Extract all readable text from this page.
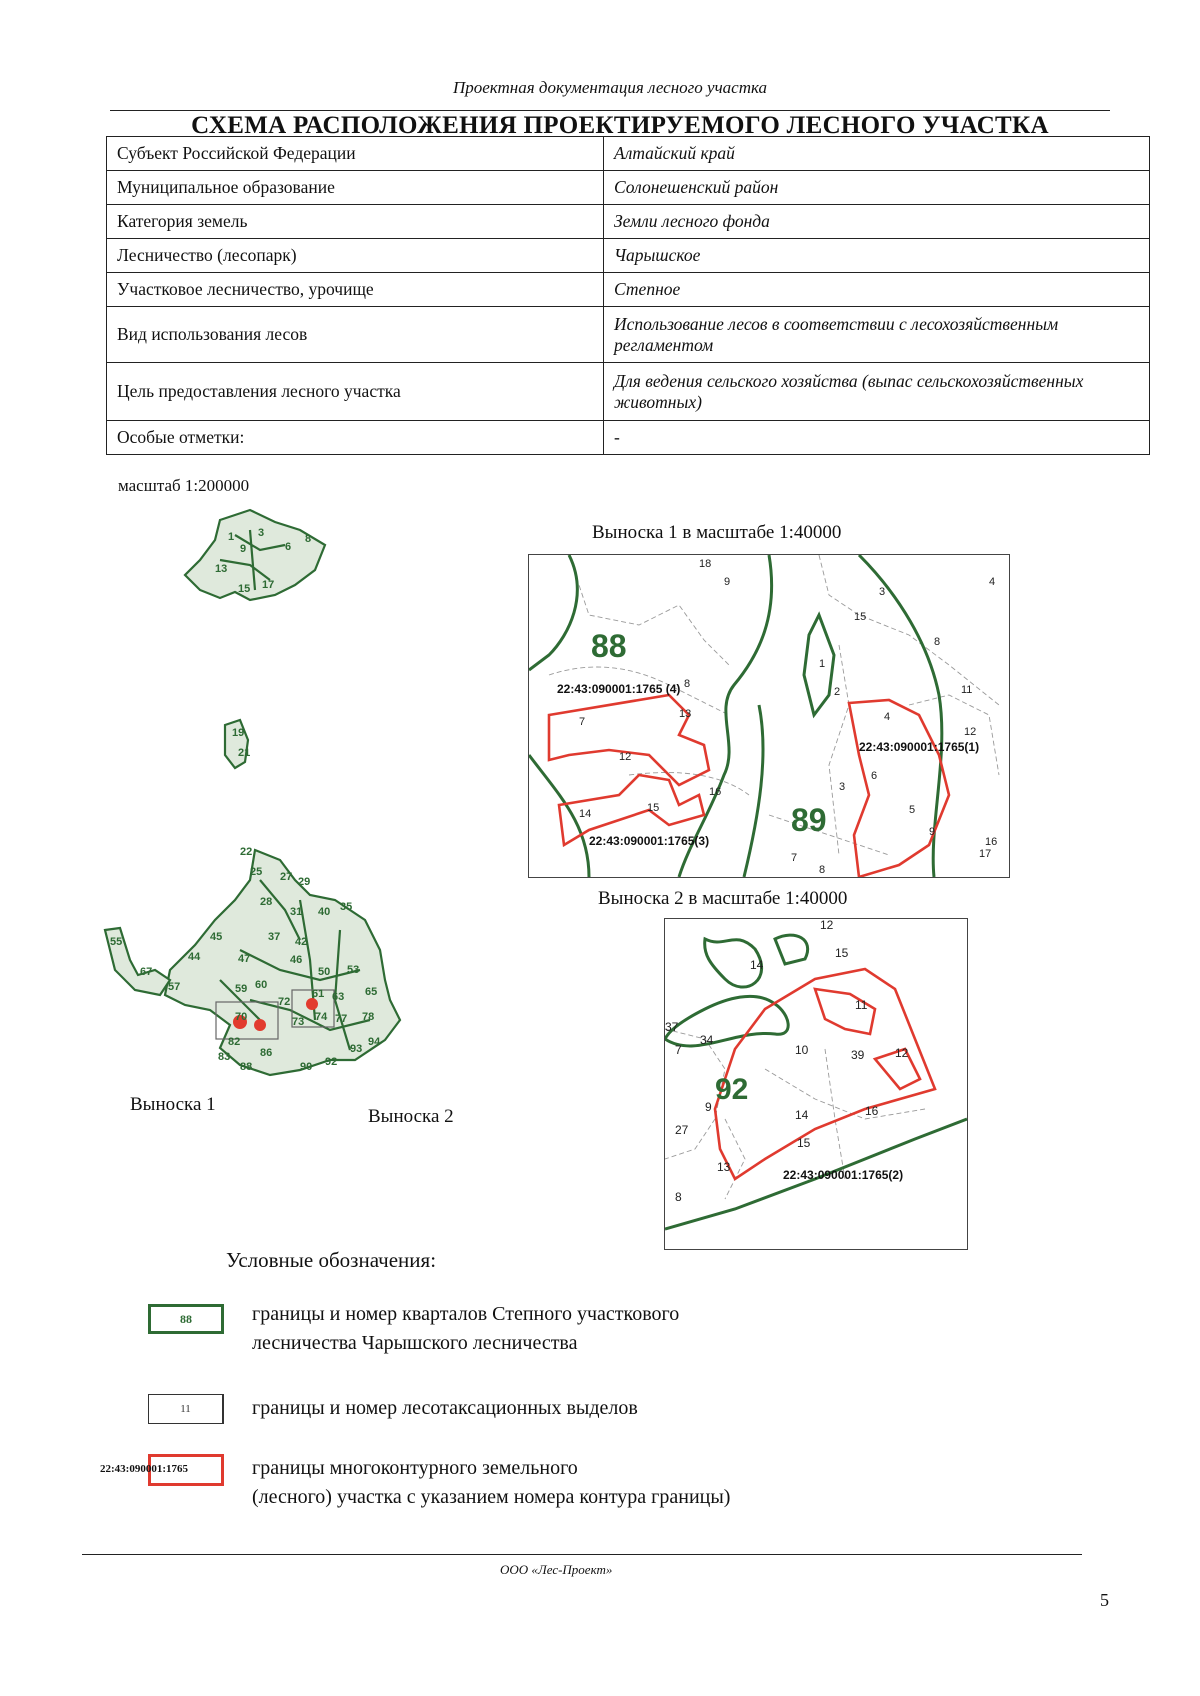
Проектная документация лесного участка
СХЕМА РАСПОЛОЖЕНИЯ ПРОЕКТИРУЕМОГО ЛЕСНОГО УЧАСТКА
Субъект Российской Федерации	Алтайский край
Муниципальное образование	Солонешенский район
Категория земель	Земли лесного фонда
Лесничество (лесопарк)	Чарышское
Участковое лесничество, урочище	Степное
Вид использования лесов	Использование лесов в соответствии с лесохозяйственным регламентом
Цель предоставления лесного участка	Для ведения сельского хозяйства (выпас сельскохозяйственных животных)
Особые отметки:	-
масштаб 1:200000
1 3
6
8
9
13
15 17
19
21
22
25 27
28
29
31	35
37
40
42
44
45
46
47
50 53
55
57	59 60
61 63 65
67
70
72
73 74 77 78
82
83	86
88	90 92
93
94
Выноска 1
Выноска 2
Выноска 1 в масштабе 1:40000
88
89
22:43:090001:1765 (4)
22:43:090001:1765(1)
22:43:090001:1765(3)
18
9	4
3
15
8
8
1
2	11
13
7	4
12
12
6
3
16
14	15	5
9
16
17
7
8
Выноска 2 в масштабе 1:40000
92
22:43:090001:1765(2)
12
15
14
11
37
34
7	10	39	12
9
14	16
27
15
13
8
Условные обозначения:
88	границы и номер кварталов Степного участкового
лесничества Чарышского лесничества
11	границы и номер лесотаксационных выделов
22:43:090001:1765	границы многоконтурного земельного
(лесного) участка с указанием номера контура границы)
ООО «Лес-Проект»
5
